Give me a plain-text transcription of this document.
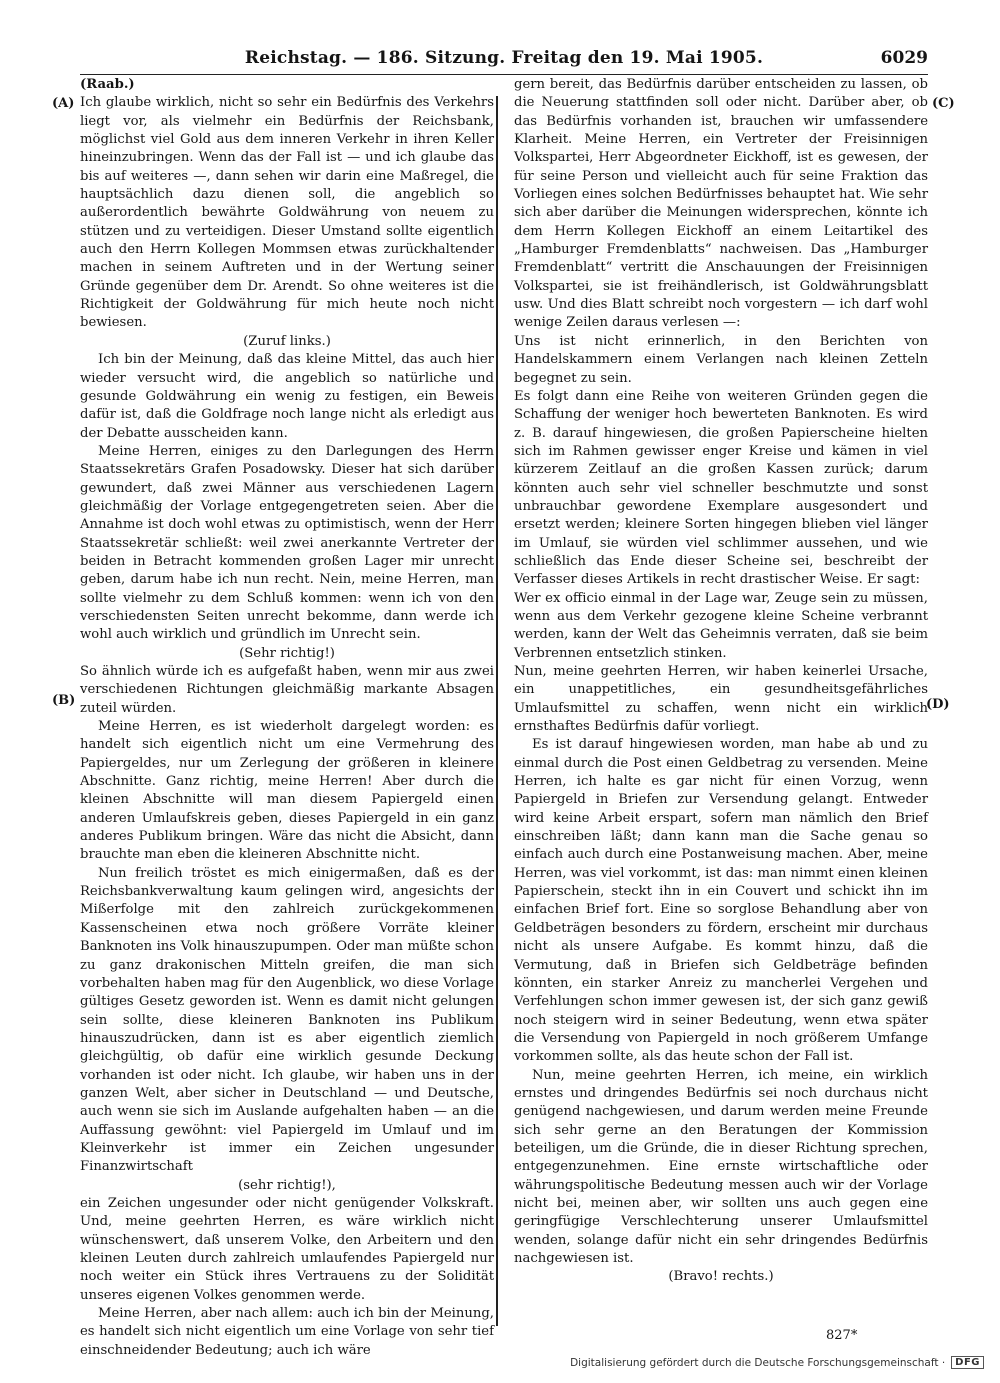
Reichstag. — 186. Sitzung. Freitag den 19. Mai 1905.	6029
(A)
(B)
(C)
(D)

(Raab.)

Ich glaube wirklich, nicht so sehr ein Bedürfnis des Verkehrs liegt vor, als vielmehr ein Bedürfnis der Reichsbank, möglichst viel Gold aus dem inneren Verkehr in ihren Keller hineinzubringen. Wenn das der Fall ist — und ich glaube das bis auf weiteres —, dann sehen wir darin eine Maßregel, die hauptsächlich dazu dienen soll, die angeblich so außerordentlich bewährte Goldwährung von neuem zu stützen und zu verteidigen. Dieser Umstand sollte eigentlich auch den Herrn Kollegen Mommsen etwas zurückhaltender machen in seinem Auftreten und in der Wertung seiner Gründe gegenüber dem Dr. Arendt. So ohne weiteres ist die Richtigkeit der Goldwährung für mich heute noch nicht bewiesen.

(Zuruf links.)

Ich bin der Meinung, daß das kleine Mittel, das auch hier wieder versucht wird, die angeblich so natürliche und gesunde Goldwährung ein wenig zu festigen, ein Beweis dafür ist, daß die Goldfrage noch lange nicht als erledigt aus der Debatte ausscheiden kann.

Meine Herren, einiges zu den Darlegungen des Herrn Staatssekretärs Grafen Posadowsky. Dieser hat sich darüber gewundert, daß zwei Männer aus verschiedenen Lagern gleichmäßig der Vorlage entgegengetreten seien. Aber die Annahme ist doch wohl etwas zu optimistisch, wenn der Herr Staatssekretär schließt: weil zwei anerkannte Vertreter der beiden in Betracht kommenden großen Lager mir unrecht geben, darum habe ich nun recht. Nein, meine Herren, man sollte vielmehr zu dem Schluß kommen: wenn ich von den verschiedensten Seiten unrecht bekomme, dann werde ich wohl auch wirklich und gründlich im Unrecht sein.

(Sehr richtig!)

So ähnlich würde ich es aufgefaßt haben, wenn mir aus zwei verschiedenen Richtungen gleichmäßig markante Absagen zuteil würden.

Meine Herren, es ist wiederholt dargelegt worden: es handelt sich eigentlich nicht um eine Vermehrung des Papiergeldes, nur um Zerlegung der größeren in kleinere Abschnitte. Ganz richtig, meine Herren! Aber durch die kleinen Abschnitte will man diesem Papiergeld einen anderen Umlaufskreis geben, dieses Papiergeld in ein ganz anderes Publikum bringen. Wäre das nicht die Absicht, dann brauchte man eben die kleineren Abschnitte nicht.

Nun freilich tröstet es mich einigermaßen, daß es der Reichsbankverwaltung kaum gelingen wird, angesichts der Mißerfolge mit den zahlreich zurückgekommenen Kassenscheinen etwa noch größere Vorräte kleiner Banknoten ins Volk hinauszupumpen. Oder man müßte schon zu ganz drakonischen Mitteln greifen, die man sich vorbehalten haben mag für den Augenblick, wo diese Vorlage gültiges Gesetz geworden ist. Wenn es damit nicht gelungen sein sollte, diese kleineren Banknoten ins Publikum hinauszudrücken, dann ist es aber eigentlich ziemlich gleichgültig, ob dafür eine wirklich gesunde Deckung vorhanden ist oder nicht. Ich glaube, wir haben uns in der ganzen Welt, aber sicher in Deutschland — und Deutsche, auch wenn sie sich im Auslande aufgehalten haben — an die Auffassung gewöhnt: viel Papiergeld im Umlauf und im Kleinverkehr ist immer ein Zeichen ungesunder Finanzwirtschaft

(sehr richtig!),

ein Zeichen ungesunder oder nicht genügender Volkskraft. Und, meine geehrten Herren, es wäre wirklich nicht wünschenswert, daß unserem Volke, den Arbeitern und den kleinen Leuten durch zahlreich umlaufendes Papiergeld nur noch weiter ein Stück ihres Vertrauens zu der Solidität unseres eigenen Volkes genommen werde.

Meine Herren, aber nach allem: auch ich bin der Meinung, es handelt sich nicht eigentlich um eine Vorlage von sehr tief einschneidender Bedeutung; auch ich wäre

gern bereit, das Bedürfnis darüber entscheiden zu lassen, ob die Neuerung stattfinden soll oder nicht. Darüber aber, ob das Bedürfnis vorhanden ist, brauchen wir umfassendere Klarheit. Meine Herren, ein Vertreter der Freisinnigen Volkspartei, Herr Abgeordneter Eickhoff, ist es gewesen, der für seine Person und vielleicht auch für seine Fraktion das Vorliegen eines solchen Bedürfnisses behauptet hat. Wie sehr sich aber darüber die Meinungen widersprechen, könnte ich dem Herrn Kollegen Eickhoff an einem Leitartikel des „Hamburger Fremdenblatts“ nachweisen. Das „Hamburger Fremdenblatt“ vertritt die Anschauungen der Freisinnigen Volkspartei, sie ist freihändlerisch, ist Goldwährungsblatt usw. Und dies Blatt schreibt noch vorgestern — ich darf wohl wenige Zeilen daraus verlesen —:

Uns ist nicht erinnerlich, in den Berichten von Handelskammern einem Verlangen nach kleinen Zetteln begegnet zu sein.

Es folgt dann eine Reihe von weiteren Gründen gegen die Schaffung der weniger hoch bewerteten Banknoten. Es wird z. B. darauf hingewiesen, die großen Papierscheine hielten sich im Rahmen gewisser enger Kreise und kämen in viel kürzerem Zeitlauf an die großen Kassen zurück; darum könnten auch sehr viel schneller beschmutzte und sonst unbrauchbar gewordene Exemplare ausgesondert und ersetzt werden; kleinere Sorten hingegen blieben viel länger im Umlauf, sie würden viel schlimmer aussehen, und wie schließlich das Ende dieser Scheine sei, beschreibt der Verfasser dieses Artikels in recht drastischer Weise. Er sagt:

Wer ex officio einmal in der Lage war, Zeuge sein zu müssen, wenn aus dem Verkehr gezogene kleine Scheine verbrannt werden, kann der Welt das Geheimnis verraten, daß sie beim Verbrennen entsetzlich stinken.

Nun, meine geehrten Herren, wir haben keinerlei Ursache, ein unappetitliches, ein gesundheitsgefährliches Umlaufsmittel zu schaffen, wenn nicht ein wirklich ernsthaftes Bedürfnis dafür vorliegt.

Es ist darauf hingewiesen worden, man habe ab und zu einmal durch die Post einen Geldbetrag zu versenden. Meine Herren, ich halte es gar nicht für einen Vorzug, wenn Papiergeld in Briefen zur Versendung gelangt. Entweder wird keine Arbeit erspart, sofern man nämlich den Brief einschreiben läßt; dann kann man die Sache genau so einfach auch durch eine Postanweisung machen. Aber, meine Herren, was viel vorkommt, ist das: man nimmt einen kleinen Papierschein, steckt ihn in ein Couvert und schickt ihn im einfachen Brief fort. Eine so sorglose Behandlung aber von Geldbeträgen besonders zu fördern, erscheint mir durchaus nicht als unsere Aufgabe. Es kommt hinzu, daß die Vermutung, daß in Briefen sich Geldbeträge befinden könnten, ein starker Anreiz zu mancherlei Vergehen und Verfehlungen schon immer gewesen ist, der sich ganz gewiß noch steigern wird in seiner Bedeutung, wenn etwa später die Versendung von Papiergeld in noch größerem Umfange vorkommen sollte, als das heute schon der Fall ist.

Nun, meine geehrten Herren, ich meine, ein wirklich ernstes und dringendes Bedürfnis sei noch durchaus nicht genügend nachgewiesen, und darum werden meine Freunde sich sehr gerne an den Beratungen der Kommission beteiligen, um die Gründe, die in dieser Richtung sprechen, entgegenzunehmen. Eine ernste wirtschaftliche oder währungspolitische Bedeutung messen auch wir der Vorlage nicht bei, meinen aber, wir sollten uns auch gegen eine geringfügige Verschlechterung unserer Umlaufsmittel wenden, solange dafür nicht ein sehr dringendes Bedürfnis nachgewiesen ist.

(Bravo! rechts.)

827*
Digitalisierung gefördert durch die Deutsche Forschungsgemeinschaft ·	DFG
